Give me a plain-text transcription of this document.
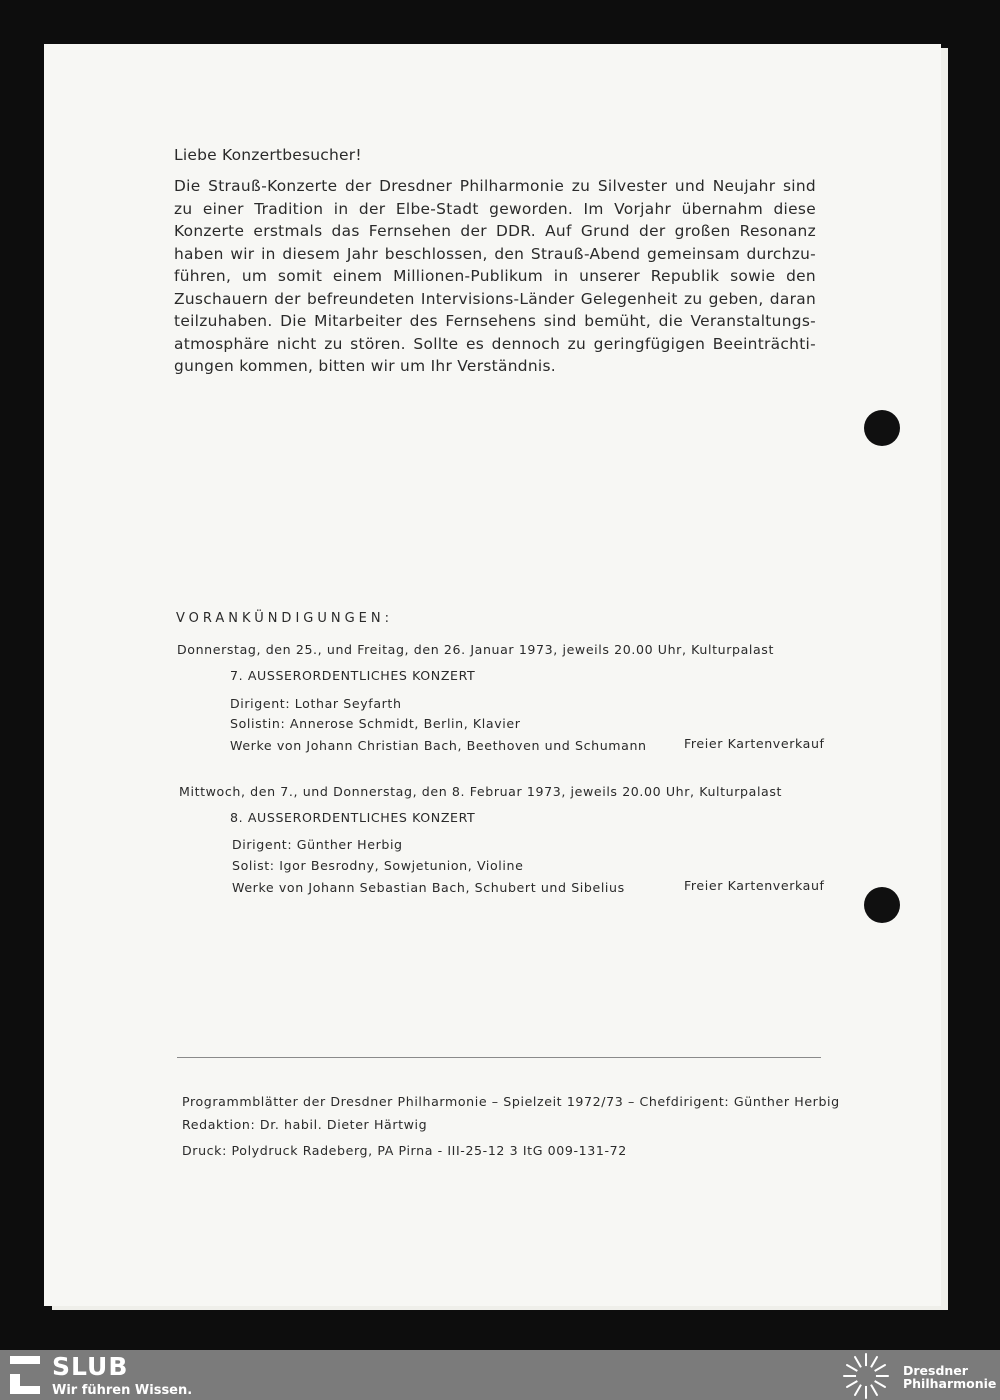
Liebe Konzertbesucher!

Die Strauß-Konzerte der Dresdner Philharmonie zu Silvester und Neujahr sind
zu einer Tradition in der Elbe-Stadt geworden. Im Vorjahr übernahm diese
Konzerte erstmals das Fernsehen der DDR. Auf Grund der großen Resonanz
haben wir in diesem Jahr beschlossen, den Strauß-Abend gemeinsam durchzu-
führen, um somit einem Millionen-Publikum in unserer Republik sowie den
Zuschauern der befreundeten Intervisions-Länder Gelegenheit zu geben, daran
teilzuhaben. Die Mitarbeiter des Fernsehens sind bemüht, die Veranstaltungs-
atmosphäre nicht zu stören. Sollte es dennoch zu geringfügigen Beeinträchti-
gungen kommen, bitten wir um Ihr Verständnis.

VORANKÜNDIGUNGEN:

Donnerstag, den 25., und Freitag, den 26. Januar 1973, jeweils 20.00 Uhr, Kulturpalast

7. AUSSERORDENTLICHES KONZERT

Dirigent: Lothar Seyfarth

Solistin: Annerose Schmidt, Berlin, Klavier

Werke von Johann Christian Bach, Beethoven und Schumann	Freier Kartenverkauf

Mittwoch, den 7., und Donnerstag, den 8. Februar 1973, jeweils 20.00 Uhr, Kulturpalast

8. AUSSERORDENTLICHES KONZERT

Dirigent: Günther Herbig

Solist: Igor Besrodny, Sowjetunion, Violine

Werke von Johann Sebastian Bach, Schubert und Sibelius	Freier Kartenverkauf

Programmblätter der Dresdner Philharmonie – Spielzeit 1972/73 – Chefdirigent: Günther Herbig

Redaktion: Dr. habil. Dieter Härtwig

Druck: Polydruck Radeberg, PA Pirna - III-25-12 3 ItG 009-131-72

SLUB
Wir führen Wissen.
Dresdner
Philharmonie
